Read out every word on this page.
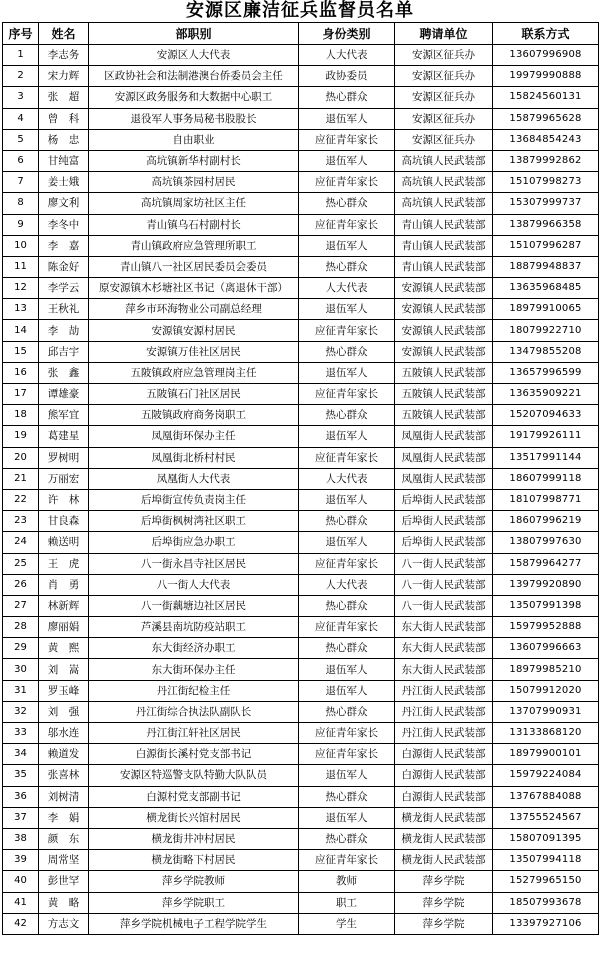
安源区廉洁征兵监督员名单
序号	姓名	部职别	身份类别	聘请单位	联系方式
1	李志务	安源区人大代表	人大代表	安源区征兵办	13607996908
2	宋力辉	区政协社会和法制港澳台侨委员会主任	政协委员	安源区征兵办	19979990888
3	张　超	安源区政务服务和大数据中心职工	热心群众	安源区征兵办	15824560131
4	曾　科	退役军人事务局秘书股股长	退伍军人	安源区征兵办	15879965628
5	杨　忠	自由职业	应征青年家长	安源区征兵办	13684854243
6	甘纯富	高坑镇新华村副村长	退伍军人	高坑镇人民武装部	13879992862
7	姜士娥	高坑镇茶园村居民	应征青年家长	高坑镇人民武装部	15107998273
8	廖文利	高坑镇周家坊社区主任	热心群众	高坑镇人民武装部	15307999737
9	李冬中	青山镇乌石村副村长	应征青年家长	青山镇人民武装部	13879966358
10	李　嘉	青山镇政府应急管理所职工	退伍军人	青山镇人民武装部	15107996287
11	陈金好	青山镇八一社区居民委员会委员	热心群众	青山镇人民武装部	18879948837
12	李学云	原安源镇木杉塘社区书记（离退休干部）	人大代表	安源镇人民武装部	13635968485
13	王秋礼	萍乡市环海物业公司副总经理	退伍军人	安源镇人民武装部	18979910065
14	李　劼	安源镇安源村居民	应征青年家长	安源镇人民武装部	18079922710
15	邱吉宇	安源镇万佳社区居民	热心群众	安源镇人民武装部	13479855208
16	张　鑫	五陂镇政府应急管理岗主任	退伍军人	五陂镇人民武装部	13657996599
17	谭雄豪	五陂镇石门社区居民	应征青年家长	五陂镇人民武装部	13635909221
18	熊军宜	五陂镇政府商务岗职工	热心群众	五陂镇人民武装部	15207094633
19	葛建星	凤凰街环保办主任	退伍军人	凤凰街人民武装部	19179926111
20	罗树明	凤凰街北桥村村民	应征青年家长	凤凰街人民武装部	13517991144
21	万丽宏	凤凰街人大代表	人大代表	凤凰街人民武装部	18607999118
22	许　林	后埠街宣传负责岗主任	退伍军人	后埠街人民武装部	18107998771
23	甘良森	后埠街枫树湾社区职工	热心群众	后埠街人民武装部	18607996219
24	赖送明	后埠街应急办职工	退伍军人	后埠街人民武装部	13807997630
25	王　虎	八一街永昌寺社区居民	应征青年家长	八一街人民武装部	15879964277
26	肖　勇	八一街人大代表	人大代表	八一街人民武装部	13979920890
27	林新辉	八一街藕塘边社区居民	热心群众	八一街人民武装部	13507991398
28	廖丽娟	芦溪县南坑防疫站职工	应征青年家长	东大街人民武装部	15979952888
29	黄　熙	东大街经济办职工	热心群众	东大街人民武装部	13607996663
30	刘　嵩	东大街环保办主任	退伍军人	东大街人民武装部	18979985210
31	罗玉峰	丹江街纪检主任	退伍军人	丹江街人民武装部	15079912020
32	刘　强	丹江街综合执法队副队长	热心群众	丹江街人民武装部	13707990931
33	邬水连	丹江街江轩社区居民	应征青年家长	丹江街人民武装部	13133868120
34	赖道发	白源街长溪村党支部书记	应征青年家长	白源街人民武装部	18979900101
35	张喜林	安源区特巡警支队特勤大队队员	退伍军人	白源街人民武装部	15979224084
36	刘树清	白源村党支部副书记	热心群众	白源街人民武装部	13767884088
37	李　娟	横龙街长兴馆村居民	退伍军人	横龙街人民武装部	13755524567
38	颜　东	横龙街井冲村居民	热心群众	横龙街人民武装部	15807091395
39	周常坚	横龙街略下村居民	应征青年家长	横龙街人民武装部	13507994118
40	彭世罕	萍乡学院教师	教师	萍乡学院	15279965150
41	黄　略	萍乡学院职工	职工	萍乡学院	18507993678
42	方志文	萍乡学院机械电子工程学院学生	学生	萍乡学院	13397927106
